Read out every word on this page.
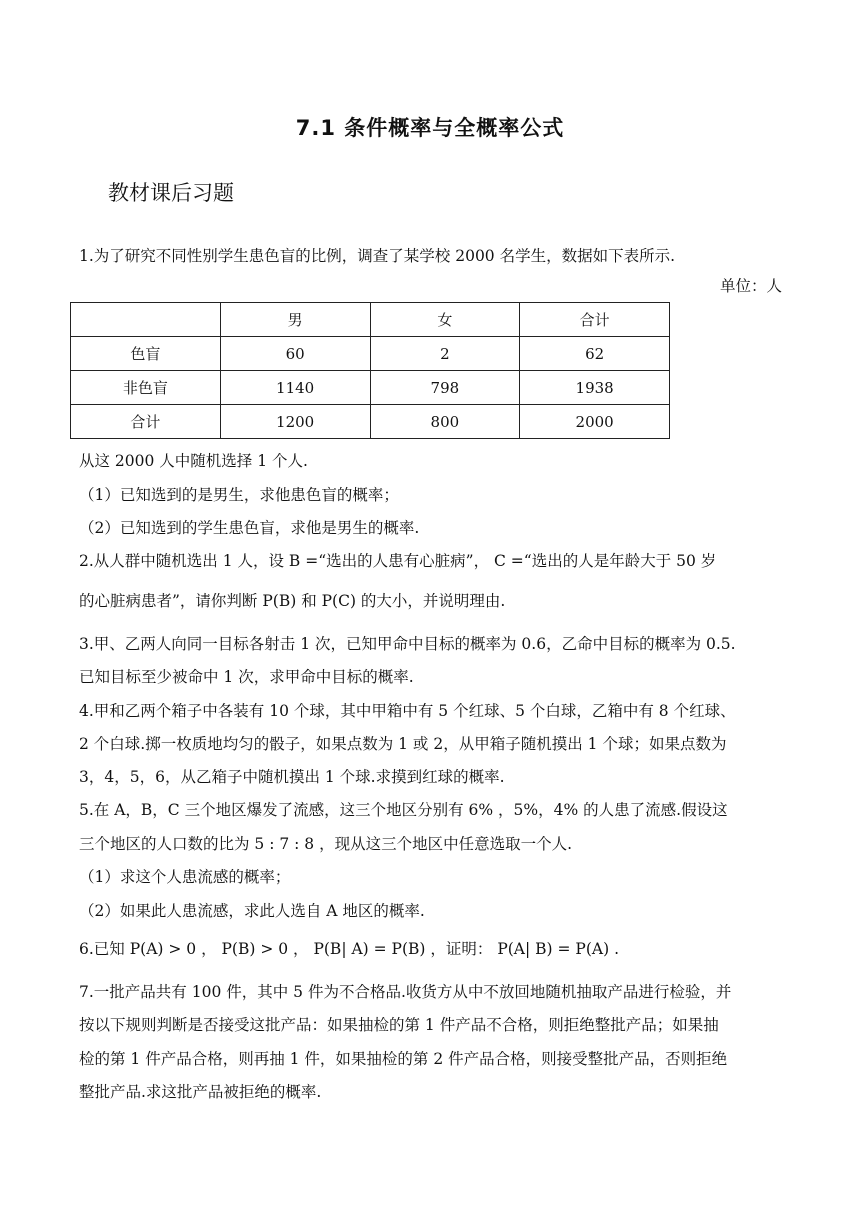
7.1 条件概率与全概率公式
教材课后习题
1.为了研究不同性别学生患色盲的比例，调查了某学校 2000 名学生，数据如下表所示.
单位：人
	男	女	合计
色盲	60	2	62
非色盲	1140	798	1938
合计	1200	800	2000
从这 2000 人中随机选择 1 个人.
（1）已知选到的是男生，求他患色盲的概率；
（2）已知选到的学生患色盲，求他是男生的概率.
2.从人群中随机选出 1 人，设 B =“选出的人患有心脏病”， C =“选出的人是年龄大于 50 岁
的心脏病患者”，请你判断 P(B) 和 P(C) 的大小，并说明理由.
3.甲、乙两人向同一目标各射击 1 次，已知甲命中目标的概率为 0.6，乙命中目标的概率为 0.5.
已知目标至少被命中 1 次，求甲命中目标的概率.
4.甲和乙两个箱子中各装有 10 个球，其中甲箱中有 5 个红球、5 个白球，乙箱中有 8 个红球、
2 个白球.掷一枚质地均匀的骰子，如果点数为 1 或 2，从甲箱子随机摸出 1 个球；如果点数为
3，4，5，6，从乙箱子中随机摸出 1 个球.求摸到红球的概率.
5.在 A，B，C 三个地区爆发了流感，这三个地区分别有 6% ，5%，4% 的人患了流感.假设这
三个地区的人口数的比为 5 : 7 : 8 ，现从这三个地区中任意选取一个人.
（1）求这个人患流感的概率；
（2）如果此人患流感，求此人选自 A 地区的概率.
6.已知 P(A) > 0 ， P(B) > 0 ， P(B| A) = P(B) ，证明： P(A| B) = P(A) .
7.一批产品共有 100 件，其中 5 件为不合格品.收货方从中不放回地随机抽取产品进行检验，并
按以下规则判断是否接受这批产品：如果抽检的第 1 件产品不合格，则拒绝整批产品；如果抽
检的第 1 件产品合格，则再抽 1 件，如果抽检的第 2 件产品合格，则接受整批产品，否则拒绝
整批产品.求这批产品被拒绝的概率.
